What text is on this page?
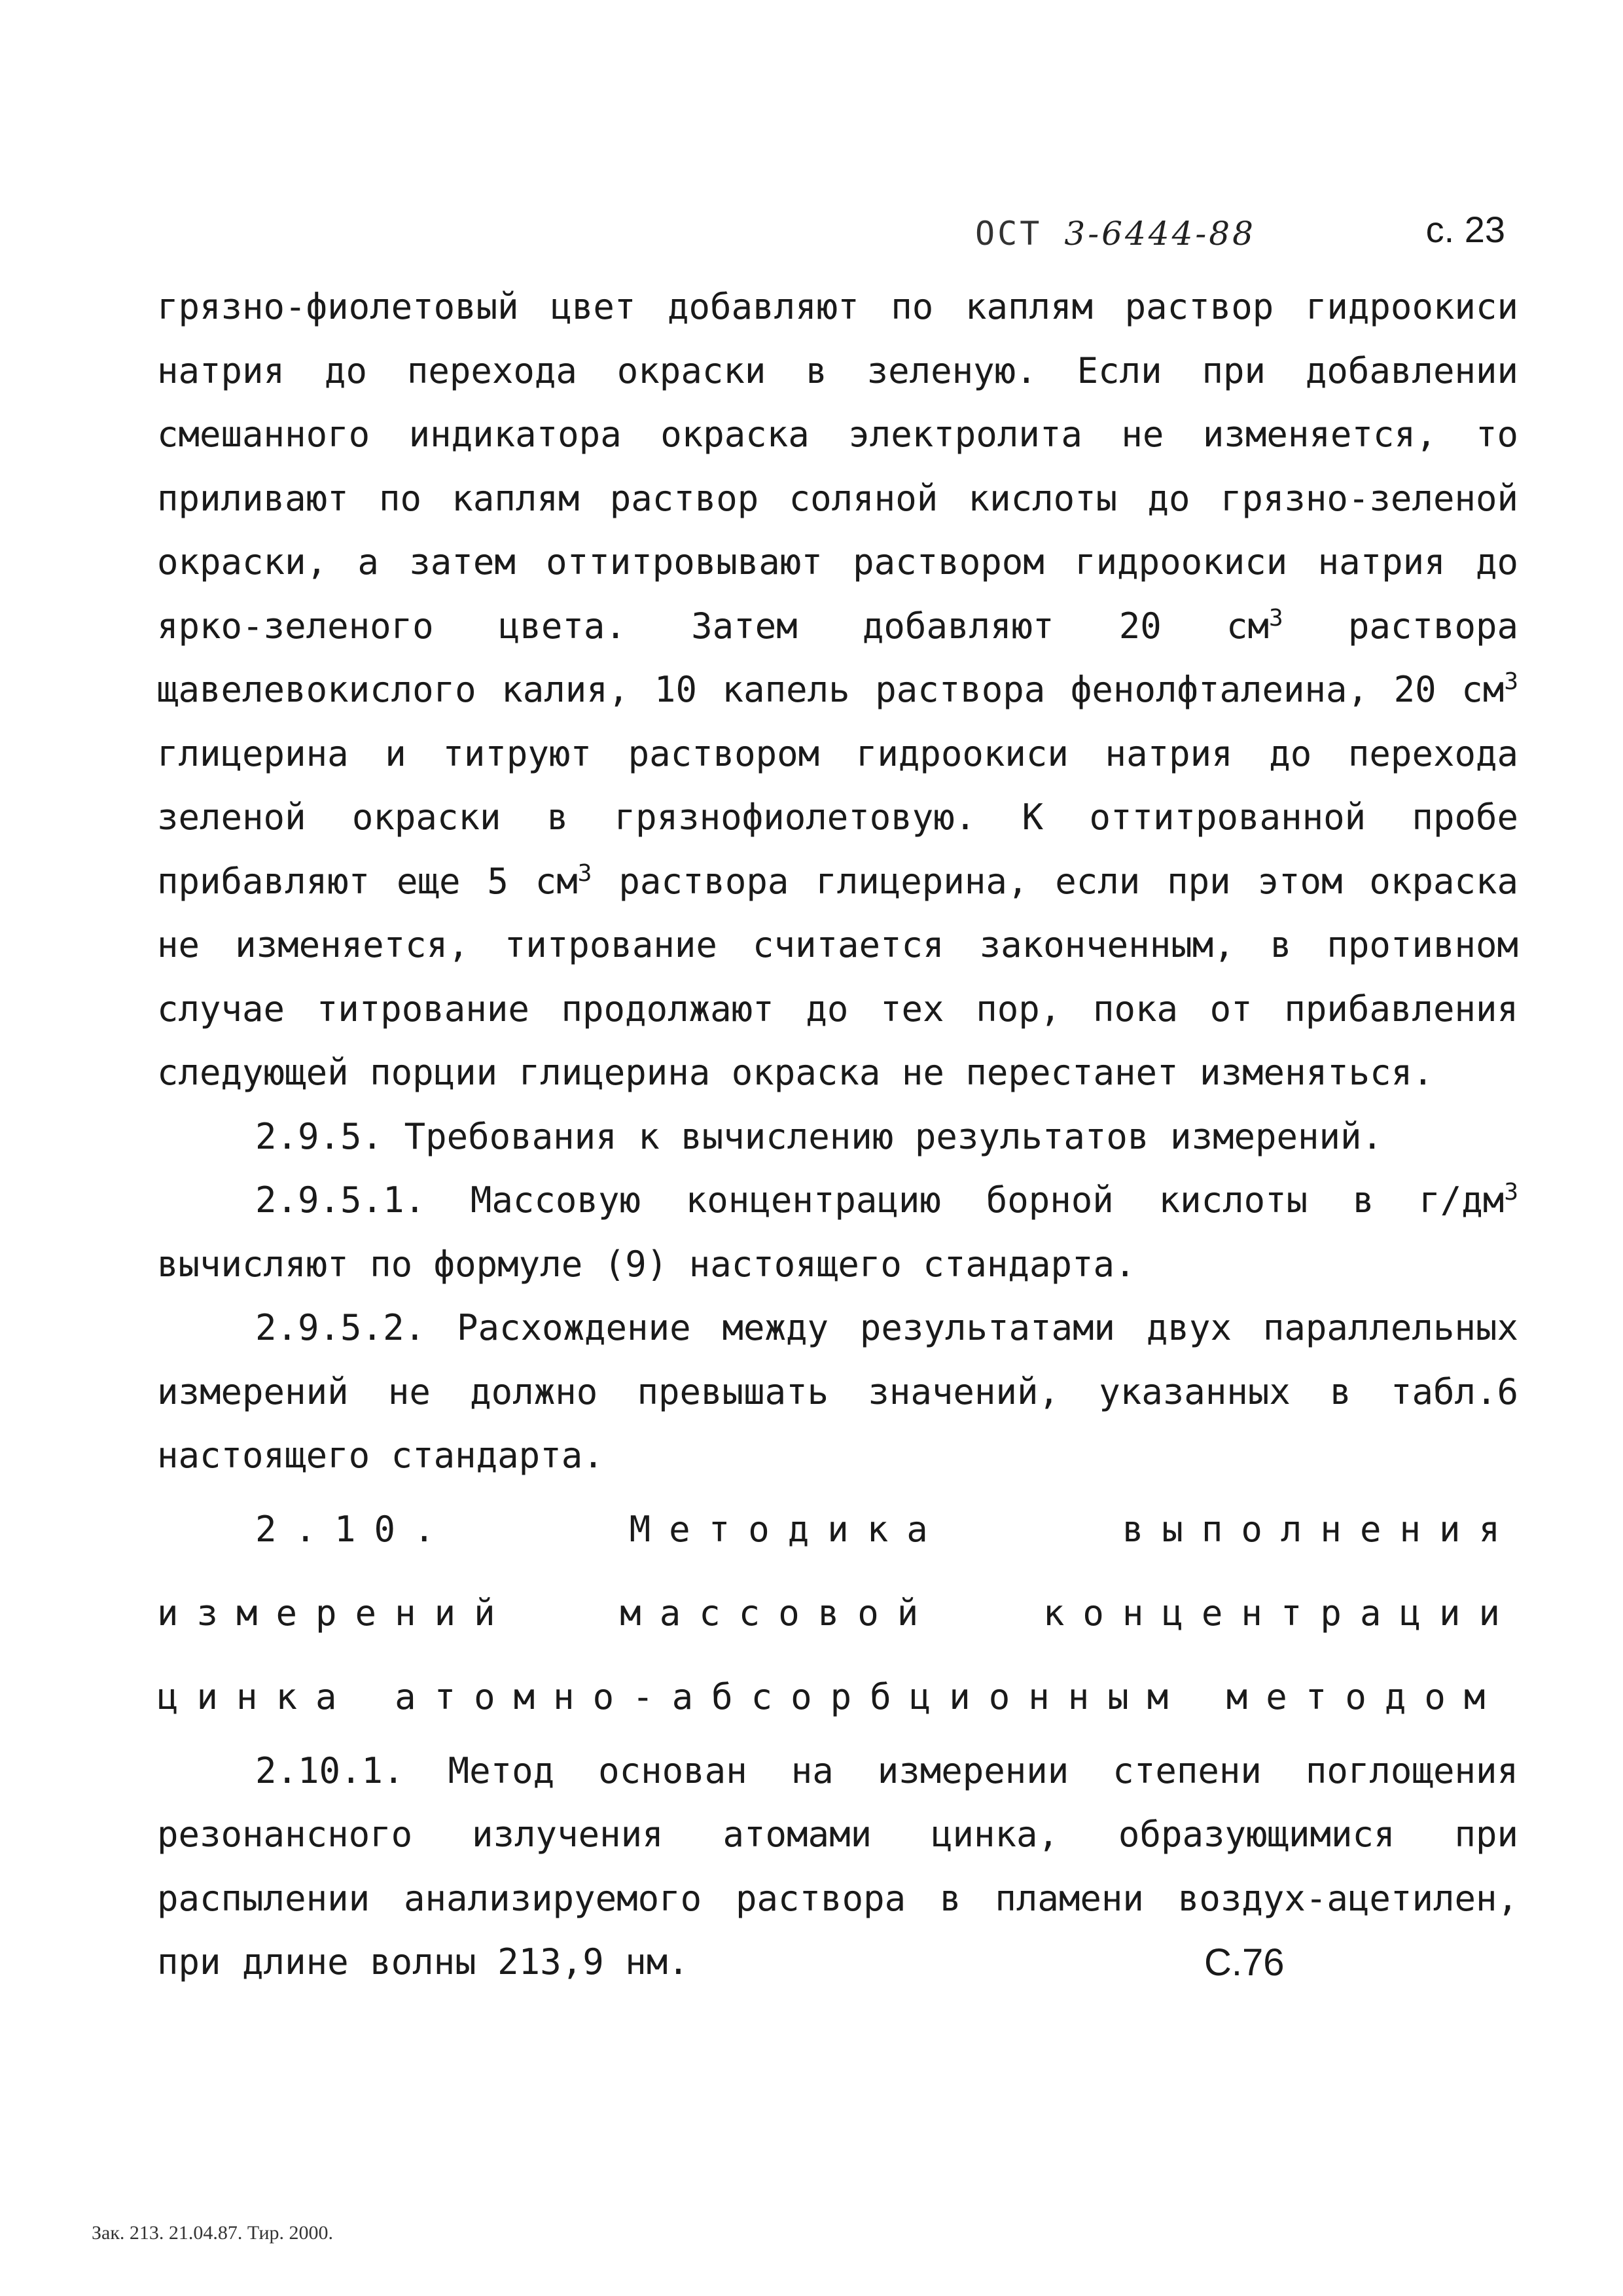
ОСТ 3-6444-88	с. 23

грязно-фиолетовый цвет добавляют по каплям раствор гидроокиси натрия до перехода окраски в зеленую. Если при добавлении смешанного индикатора окраска электролита не изменяется, то приливают по каплям раствор соляной кислоты до грязно-зеленой окраски, а затем оттитровывают раствором гидроокиси натрия до ярко-зеленого цвета. Затем добавляют 20 $см^3$ раствора щавелевокислого калия, 10 капель раствора фенолфталеина, 20 $см^3$ глицерина и титруют раствором гидроокиси натрия до перехода зеленой окраски в грязнофиолетовую. К оттитрованной пробе прибавляют еще 5 $см^3$ раствора глицерина, если при этом окраска не изменяется, титрование считается законченным, в противном случае титрование продолжают до тех пор, пока от прибавления следующей порции глицерина окраска не перестанет изменяться.

2.9.5. Требования к вычислению результатов измерений.

2.9.5.1. Массовую концентрацию борной кислоты в $г/дм^3$ вычисляют по формуле (9) настоящего стандарта.

2.9.5.2. Расхождение между результатами двух параллельных измерений не должно превышать значений, указанных в табл.6 настоящего стандарта.

2.10. Методика выполнения измерений массовой концентрации цинка атомно-абсорбционным методом

2.10.1. Метод основан на измерении степени поглощения резонансного излучения атомами цинка, образующимися при распылении анализируемого раствора в пламени воздух-ацетилен, при длине волны 213,9 нм.	С.76
Зак. 213. 21.04.87. Тир. 2000.
